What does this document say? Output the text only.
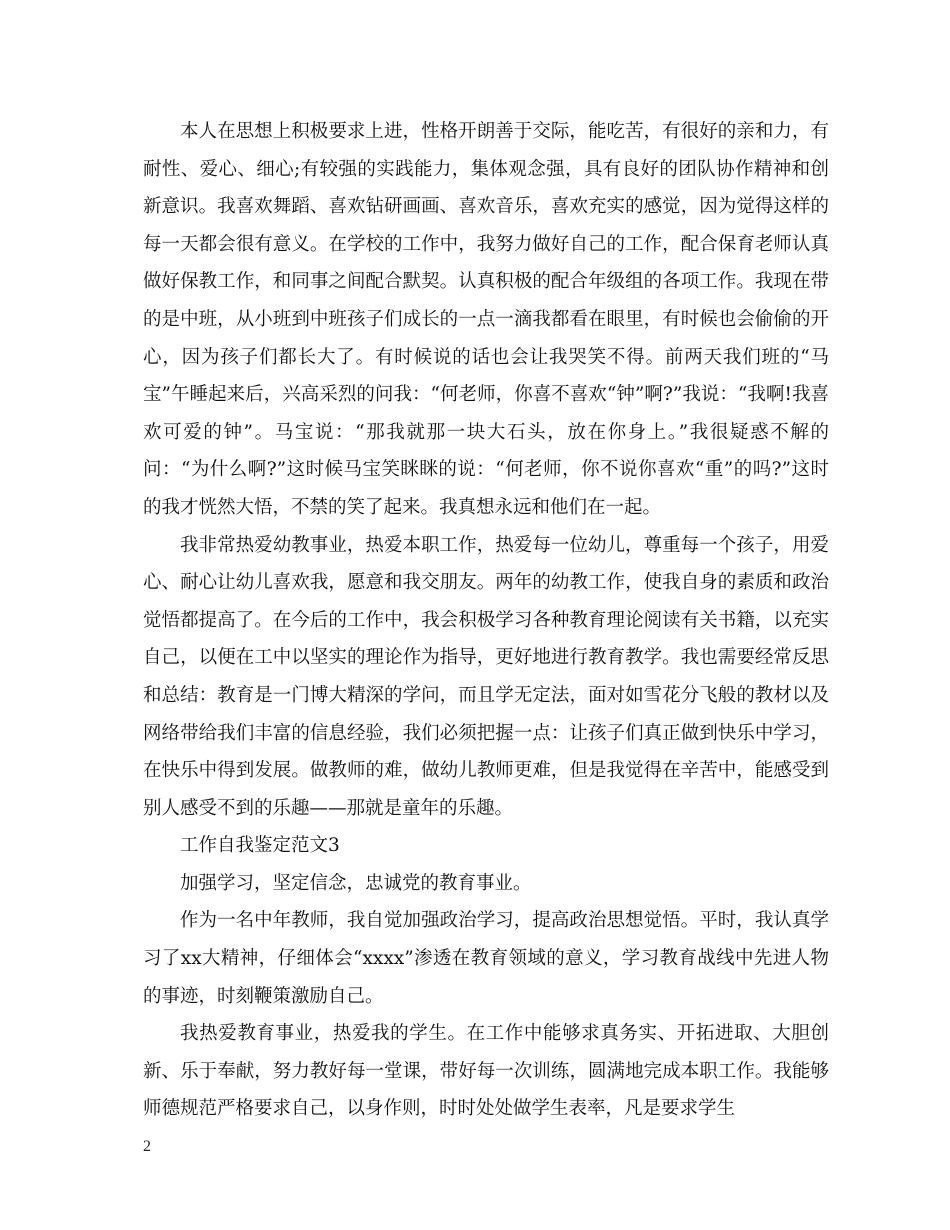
本人在思想上积极要求上进，性格开朗善于交际，能吃苦，有很好的亲和力，有耐性、爱心、细心;有较强的实践能力，集体观念强，具有良好的团队协作精神和创新意识。我喜欢舞蹈、喜欢钻研画画、喜欢音乐，喜欢充实的感觉，因为觉得这样的每一天都会很有意义。在学校的工作中，我努力做好自己的工作，配合保育老师认真做好保教工作，和同事之间配合默契。认真积极的配合年级组的各项工作。我现在带的是中班，从小班到中班孩子们成长的一点一滴我都看在眼里，有时候也会偷偷的开心，因为孩子们都长大了。有时候说的话也会让我哭笑不得。前两天我们班的“马宝”午睡起来后，兴高采烈的问我：“何老师，你喜不喜欢“钟”啊?”我说：“我啊!我喜欢可爱的钟”。马宝说：“那我就那一块大石头，放在你身上。”我很疑惑不解的问：“为什么啊?”这时候马宝笑眯眯的说：“何老师，你不说你喜欢“重”的吗?”这时的我才恍然大悟，不禁的笑了起来。我真想永远和他们在一起。

我非常热爱幼教事业，热爱本职工作，热爱每一位幼儿，尊重每一个孩子，用爱心、耐心让幼儿喜欢我，愿意和我交朋友。两年的幼教工作，使我自身的素质和政治觉悟都提高了。在今后的工作中，我会积极学习各种教育理论阅读有关书籍，以充实自己，以便在工中以坚实的理论作为指导，更好地进行教育教学。我也需要经常反思和总结：教育是一门博大精深的学问，而且学无定法，面对如雪花分飞般的教材以及网络带给我们丰富的信息经验，我们必须把握一点：让孩子们真正做到快乐中学习，在快乐中得到发展。做教师的难，做幼儿教师更难，但是我觉得在辛苦中，能感受到别人感受不到的乐趣——那就是童年的乐趣。

工作自我鉴定范文3

加强学习，坚定信念，忠诚党的教育事业。

作为一名中年教师，我自觉加强政治学习，提高政治思想觉悟。平时，我认真学习了xx大精神，仔细体会“xxxx”渗透在教育领域的意义，学习教育战线中先进人物的事迹，时刻鞭策激励自己。

我热爱教育事业，热爱我的学生。在工作中能够求真务实、开拓进取、大胆创新、乐于奉献，努力教好每一堂课，带好每一次训练，圆满地完成本职工作。我能够师德规范严格要求自己，以身作则，时时处处做学生表率，凡是要求学生

2
